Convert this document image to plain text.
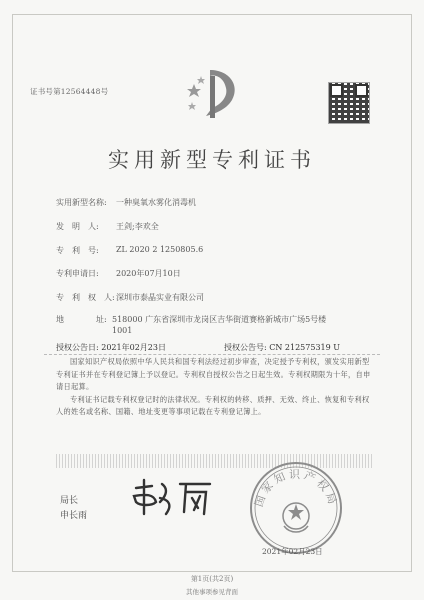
证书号第12564448号
实用新型专利证书
实用新型名称:	一种臭氧水雾化消毒机
发　明　人:	王剑;李欢全
专　利　号:	ZL 2020 2 1250805.6
专利申请日:	2020年07月10日
专　利　权　人: 深圳市泰晶实业有限公司
地　　　　址: 518000 广东省深圳市龙岗区吉华街道赛格新城市广场5号楼1001
授权公告日: 2021年02月23日	授权公告号: CN 212575319 U
国家知识产权局依照中华人民共和国专利法经过初步审查，决定授予专利权，颁发实用新型专利证书并在专利登记簿上予以登记。专利权自授权公告之日起生效。专利权期限为十年，自申请日起算。
专利证书记载专利权登记时的法律状况。专利权的转移、质押、无效、终止、恢复和专利权人的姓名或名称、国籍、地址变更等事项记载在专利登记簿上。
局长
申长雨
国家知识产权局
2021年02月23日
第1页(共2页)
其他事项参见背面
